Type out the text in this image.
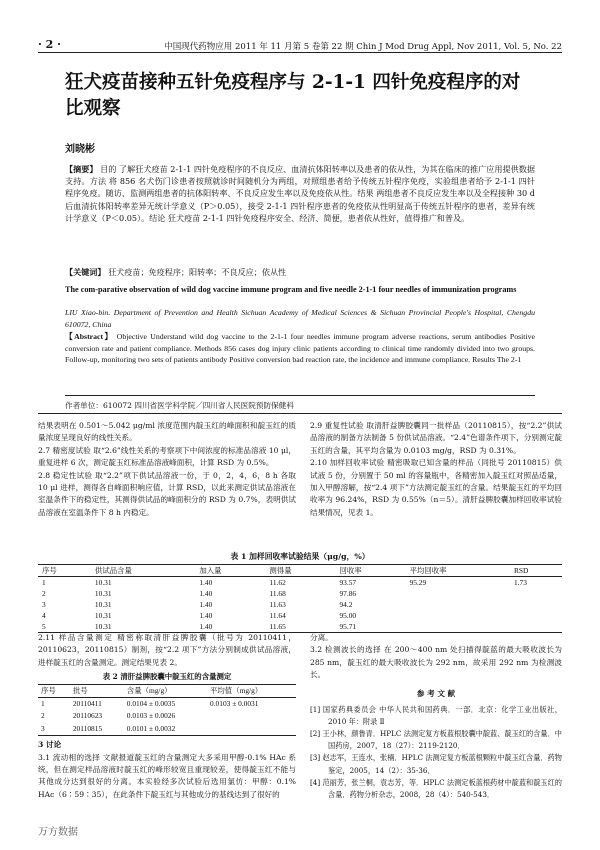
· 2 ·	中国现代药物应用 2011 年 11 月第 5 卷第 22 期 Chin J Mod Drug Appl, Nov 2011, Vol. 5, No. 22
狂犬疫苗接种五针免疫程序与 2-1-1 四针免疫程序的对比观察
刘晓彬
【摘要】 目的 了解狂犬疫苗 2-1-1 四针免疫程序的不良反应、血清抗体阳转率以及患者的依从性，为其在临床的推广应用提供数据支持。方法 将 856 名犬伤门诊患者按照就诊时间随机分为两组，对照组患者给予传统五针程序免疫，实验组患者给予 2-1-1 四针程序免疫。随访、监测两组患者的抗体阳转率、不良反应发生率以及免疫依从性。结果 两组患者不良反应发生率以及全程接种 30 d 后血清抗体阳转率差异无统计学意义（P＞0.05），接受 2-1-1 四针程序患者的免疫依从性明显高于传统五针程序的患者，差异有统计学意义（P＜0.05）。结论 狂犬疫苗 2-1-1 四针免疫程序安全、经济、简便，患者依从性好，值得推广和普及。
【关键词】 狂犬疫苗；免疫程序；阳转率；不良反应；依从性
The com-parative observation of wild dog vaccine immune program and five needle 2-1-1 four needles of immunization programs
LIU Xiao-bin. Department of Prevention and Health Sichuan Academy of Medical Sciences & Sichuan Provincial People's Hospital, Chengdu 610072, China
【Abstract】 Objective Understand wild dog vaccine to the 2-1-1 four needles immune program adverse reactions, serum antibodies Positive conversion rate and patient compliance. Methods 856 cases dog injury clinic patients according to clinical time randomly divided into two groups. Follow-up, monitoring two sets of patients antibody Positive conversion bad reaction rate, the incidence and immune compliance. Results The 2-1
作者单位：610072 四川省医学科学院／四川省人民医院预防保健科
结果表明在 0.501～5.042 μg/ml 浓度范围内靛玉红的峰面积和靛玉红的质量浓度呈现良好的线性关系。
2.7 精密度试验 取“2.6”线性关系的考察项下中间浓度的标准品溶液 10 μl，重复进样 6 次，测定靛玉红标准品溶液峰面积，计算 RSD 为 0.5%。
2.8 稳定性试验 取“2.2”项下供试品溶液一份，于 0，2，4，6，8 h 各取 10 μl 进样，测得各自峰面积响应值，计算 RSD，以此来测定供试品溶液在室温条件下的稳定性，其测得供试品的峰面积分的 RSD 为 0.7%，表明供试品溶液在室温条件下 8 h 内稳定。
2.9 重复性试验 取清肝益脾胶囊同一批样品（20110815），按“2.2”供试品溶液的制备方法制备 5 份供试品溶液。“2.4”色谱条件项下，分别测定靛玉红的含量，其平均含量为 0.0103 mg/g，RSD 为 0.31%。
2.10 加样回收率试验 精密吸取已知含量的样品（同批号 20110815）供试液 5 份，分别置于 50 ml 的容量瓶中，各精密加入靛玉红对照品适量，加入甲醇溶解，按“2.4 项下”方法测定靛玉红的含量。结果靛玉红的平均回收率为 96.24%，RSD 为 0.55%（n＝5）。清肝益脾胶囊加样回收率试验结果情况，见表 1。
表 1 加样回收率试验结果（μg/g，%）
序号	供试品含量	加入量	测得量	回收率	平均回收率	RSD
1	10.31	1.40	11.62	93.57	95.29	1.73
2	10.31	1.40	11.68	97.86		
3	10.31	1.40	11.63	94.2		
4	10.31	1.40	11.64	95.00		
5	10.31	1.40	11.65	95.71		
2.11 样品含量测定 精密称取清肝益脾胶囊（批号为 20110411，20110623，20110815）制剂，按“2.2 项下”方法分别制成供试品溶液，进样靛玉红的含量测定。测定结果见表 2。
表 2 清肝益脾胶囊中靛玉红的含量测定
序号	批号	含量（mg/g）	平均值（mg/g）
1	20110411	0.0104 ± 0.0035	0.0103 ± 0.0031
2	20110623	0.0103 ± 0.0026	
3	20110815	0.0101 ± 0.0032	
3 讨论
3.1 流动相的选择 文献报道靛玉红的含量测定大多采用甲醇-0.1% HAc 系统，但在测定样品溶液时靛玉红的峰形较宽且重现较差，使得靛玉红不能与其他成分达到很好的分离。本实验经多次试验后选用氯仿：甲醇：0.1% HAc（6∶59∶35），在此条件下靛玉红与其他成分的基线达到了很好的
分离。
3.2 检测波长的选择 在 200～400 nm 处扫描得靛蓝的最大吸收波长为 285 nm，靛玉红的最大吸收波长为 292 nm，故采用 292 nm 为检测波长。
参 考 文 献
[1] 国家药典委员会 中华人民共和国药典．一部．北京：化学工业出版社，2010 年：附录 Ⅱ
[2] 王小林，颜鲁青．HPLC 法测定复方板蓝根胶囊中靛蓝、靛玉红的含量．中国药房，2007，18（27）：2119-2120．
[3] 赵志军，王连水，张楠．HPLC 法测定复方板蓝根颗粒中靛玉红含量．药物鉴定，2005，14（2）：35-36．
[4] 范丽芳，张兰桐，袁志芳，等．HPLC 法测定板蓝根药材中靛蓝和靛玉红的含量．药物分析杂志，2008，28（4）：540-543．
万方数据
